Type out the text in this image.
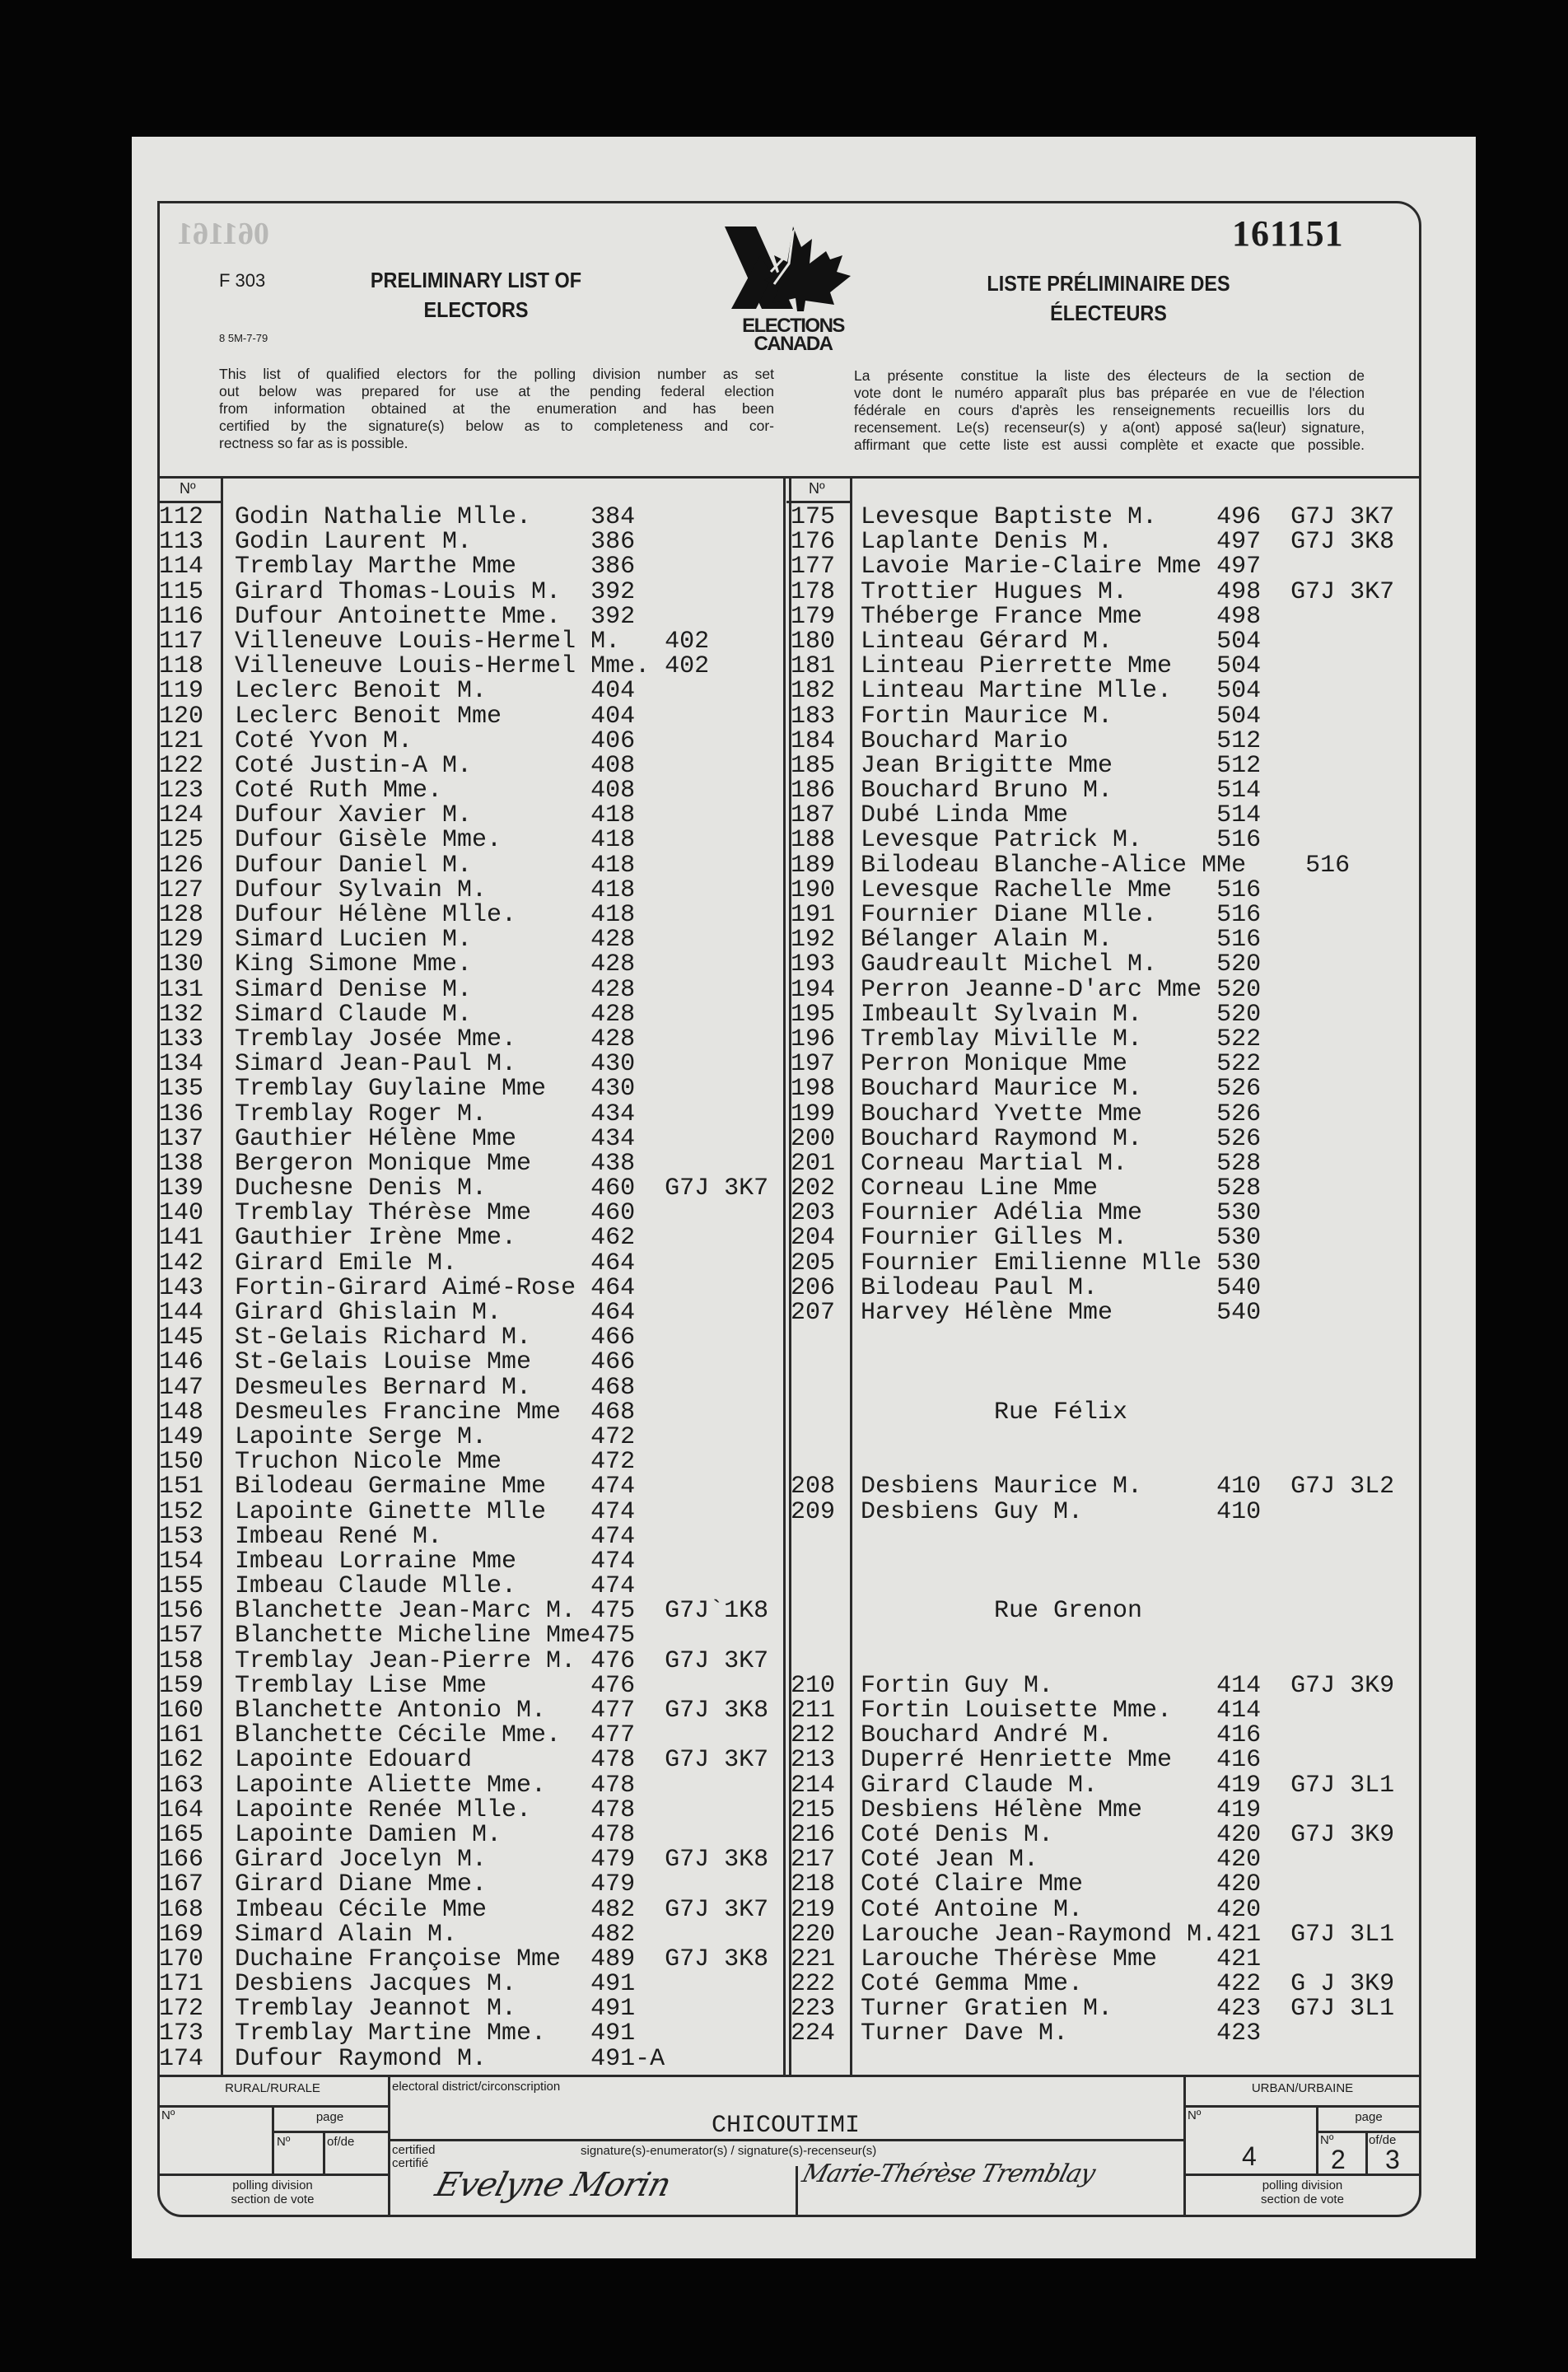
061161	161151
F 303
8 5M-7-79
PRELIMINARY LIST OF
ELECTORS
LISTE PRÉLIMINAIRE DES
ÉLECTEURS
ELECTIONS
CANADA
This list of qualified electors for the polling division number as set
out below was prepared for use at the pending federal election
from information obtained at the enumeration and has been
certified by the signature(s) below as to completeness and cor-
rectness so far as is possible.
La présente constitue la liste des électeurs de la section de
vote dont le numéro apparaît plus bas préparée en vue de l'élection
fédérale en cours d'après les renseignements recueillis lors du
recensement. Le(s) recenseur(s) y a(ont) apposé sa(leur) signature,
affirmant que cette liste est aussi complète et exacte que possible.
Nº	Nº
112 Godin Nathalie Mlle.	384
113 Godin Laurent M.	386
114 Tremblay Marthe Mme	386
115 Girard Thomas-Louis M.	392
116 Dufour Antoinette Mme.	392
117 Villeneuve Louis-Hermel M. 402
118 Villeneuve Louis-Hermel Mme. 402
119 Leclerc Benoit M.	404
120 Leclerc Benoit Mme	404
121 Coté Yvon M.	406
122 Coté Justin-A M.	408
123 Coté Ruth Mme.	408
124 Dufour Xavier M.	418
125 Dufour Gisèle Mme.	418
126 Dufour Daniel M.	418
127 Dufour Sylvain M.	418
128 Dufour Hélène Mlle.	418
129 Simard Lucien M.	428
130 King Simone Mme.	428
131 Simard Denise M.	428
132 Simard Claude M.	428
133 Tremblay Josée Mme.	428
134 Simard Jean-Paul M.	430
135 Tremblay Guylaine Mme	430
136 Tremblay Roger M.	434
137 Gauthier Hélène Mme	434
138 Bergeron Monique Mme	438
139 Duchesne Denis M.	460 G7J 3K7
140 Tremblay Thérèse Mme	460
141 Gauthier Irène Mme.	462
142 Girard Emile M.	464
143 Fortin-Girard Aimé-Rose 464
144 Girard Ghislain M.	464
145 St-Gelais Richard M.	466
146 St-Gelais Louise Mme	466
147 Desmeules Bernard M.	468
148 Desmeules Francine Mme	468
149 Lapointe Serge M.	472
150 Truchon Nicole Mme	472
151 Bilodeau Germaine Mme	474
152 Lapointe Ginette Mlle	474
153 Imbeau René M.	474
154 Imbeau Lorraine Mme	474
155 Imbeau Claude Mlle.	474
156 Blanchette Jean-Marc M. 475 G7J`1K8
157 Blanchette Micheline Mme 475
158 Tremblay Jean-Pierre M. 476 G7J 3K7
159 Tremblay Lise Mme	476
160 Blanchette Antonio M.	477 G7J 3K8
161 Blanchette Cécile Mme.	477
162 Lapointe Edouard	478 G7J 3K7
163 Lapointe Aliette Mme.	478
164 Lapointe Renée Mlle.	478
165 Lapointe Damien M.	478
166 Girard Jocelyn M.	479 G7J 3K8
167 Girard Diane Mme.	479
168 Imbeau Cécile Mme	482 G7J 3K7
169 Simard Alain M.	482
170 Duchaine Françoise Mme	489 G7J 3K8
171 Desbiens Jacques M.	491
172 Tremblay Jeannot M.	491
173 Tremblay Martine Mme.	491
174 Dufour Raymond M.	491-A
175 Levesque Baptiste M.	496 G7J 3K7
176 Laplante Denis M.	497 G7J 3K8
177 Lavoie Marie-Claire Mme 497
178 Trottier Hugues M.	498 G7J 3K7
179 Théberge France Mme	498
180 Linteau Gérard M.	504
181 Linteau Pierrette Mme	504
182 Linteau Martine Mlle.	504
183 Fortin Maurice M.	504
184 Bouchard Mario	512
185 Jean Brigitte Mme	512
186 Bouchard Bruno M.	514
187 Dubé Linda Mme	514
188 Levesque Patrick M.	516
189 Bilodeau Blanche-Alice MMe 516
190 Levesque Rachelle Mme	516
191 Fournier Diane Mlle.	516
192 Bélanger Alain M.	516
193 Gaudreault Michel M.	520
194 Perron Jeanne-D'arc Mme 520
195 Imbeault Sylvain M.	520
196 Tremblay Miville M.	522
197 Perron Monique Mme	522
198 Bouchard Maurice M.	526
199 Bouchard Yvette Mme	526
200 Bouchard Raymond M.	526
201 Corneau Martial M.	528
202 Corneau Line Mme	528
203 Fournier Adélia Mme	530
204 Fournier Gilles M.	530
205 Fournier Emilienne Mlle 530
206 Bilodeau Paul M.	540
207 Harvey Hélène Mme	540
Rue Félix
208 Desbiens Maurice M.	410 G7J 3L2
209 Desbiens Guy M.	410
Rue Grenon
210 Fortin Guy M.	414 G7J 3K9
211 Fortin Louisette Mme.	414
212 Bouchard André M.	416
213 Duperré Henriette Mme	416
214 Girard Claude M.	419 G7J 3L1
215 Desbiens Hélène Mme	419
216 Coté Denis M.	420 G7J 3K9
217 Coté Jean M.	420
218 Coté Claire Mme	420
219 Coté Antoine M.	420
220 Larouche Jean-Raymond M. 421 G7J 3L1
221 Larouche Thérèse Mme	421
222 Coté Gemma Mme.	422 G J 3K9
223 Turner Gratien M.	423 G7J 3L1
224 Turner Dave M.	423
RURAL/RURALE
Nº	page
Nº	of/de
polling division
section de vote
electoral district/circonscription
CHICOUTIMI
certified
certifié
signature(s)-enumerator(s) / signature(s)-recenseur(s)
Evelyne Morin	Marie-Thérèse Tremblay
URBAN/URBAINE
Nº	page
Nº	of/de
4	2 3
polling division
section de vote
